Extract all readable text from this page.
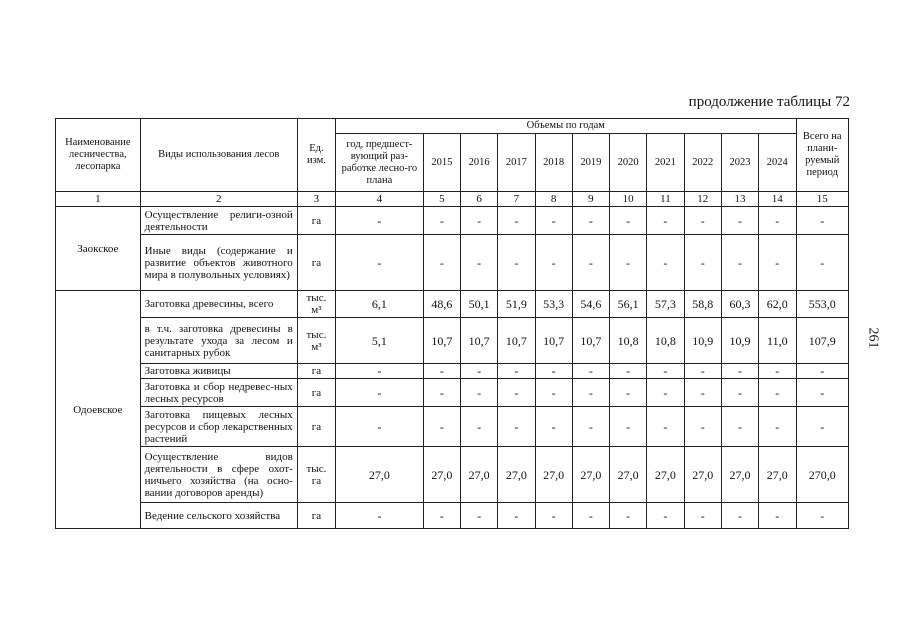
продолжение таблицы 72
Наименование лесничества, лесопарка	Виды использования лесов	Ед. изм.	Объемы по годам											Всего на плани-руемый период
			год, предшест-вующий раз-работке лесно-го плана	2015	2016	2017	2018	2019	2020	2021	2022	2023	2024	
1	2	3	4	5	6	7	8	9	10	11	12	13	14	15
Заокское	Осуществление религи-озной деятельности	га	-	-	-	-	-	-	-	-	-	-	-	-
	Иные виды (содержание и развитие объектов животного мира в полувольных условиях)	га	-	-	-	-	-	-	-	-	-	-	-	-
Одоевское	Заготовка древесины, всего	тыс. м³	6,1	48,6	50,1	51,9	53,3	54,6	56,1	57,3	58,8	60,3	62,0	553,0
	в т.ч. заготовка древесины в результате ухода за лесом и санитарных рубок	тыс. м³	5,1	10,7	10,7	10,7	10,7	10,7	10,8	10,8	10,9	10,9	11,0	107,9
	Заготовка живицы	га	-	-	-	-	-	-	-	-	-	-	-	-
	Заготовка и сбор недревес-ных лесных ресурсов	га	-	-	-	-	-	-	-	-	-	-	-	-
	Заготовка пищевых лесных ресурсов и сбор лекарственных растений	га	-	-	-	-	-	-	-	-	-	-	-	-
	Осуществление видов деятельности в сфере охот-ничьего хозяйства (на осно-вании договоров аренды)	тыс. га	27,0	27,0	27,0	27,0	27,0	27,0	27,0	27,0	27,0	27,0	27,0	270,0
	Ведение сельского хозяйства	га	-	-	-	-	-	-	-	-	-	-	-	-
261
